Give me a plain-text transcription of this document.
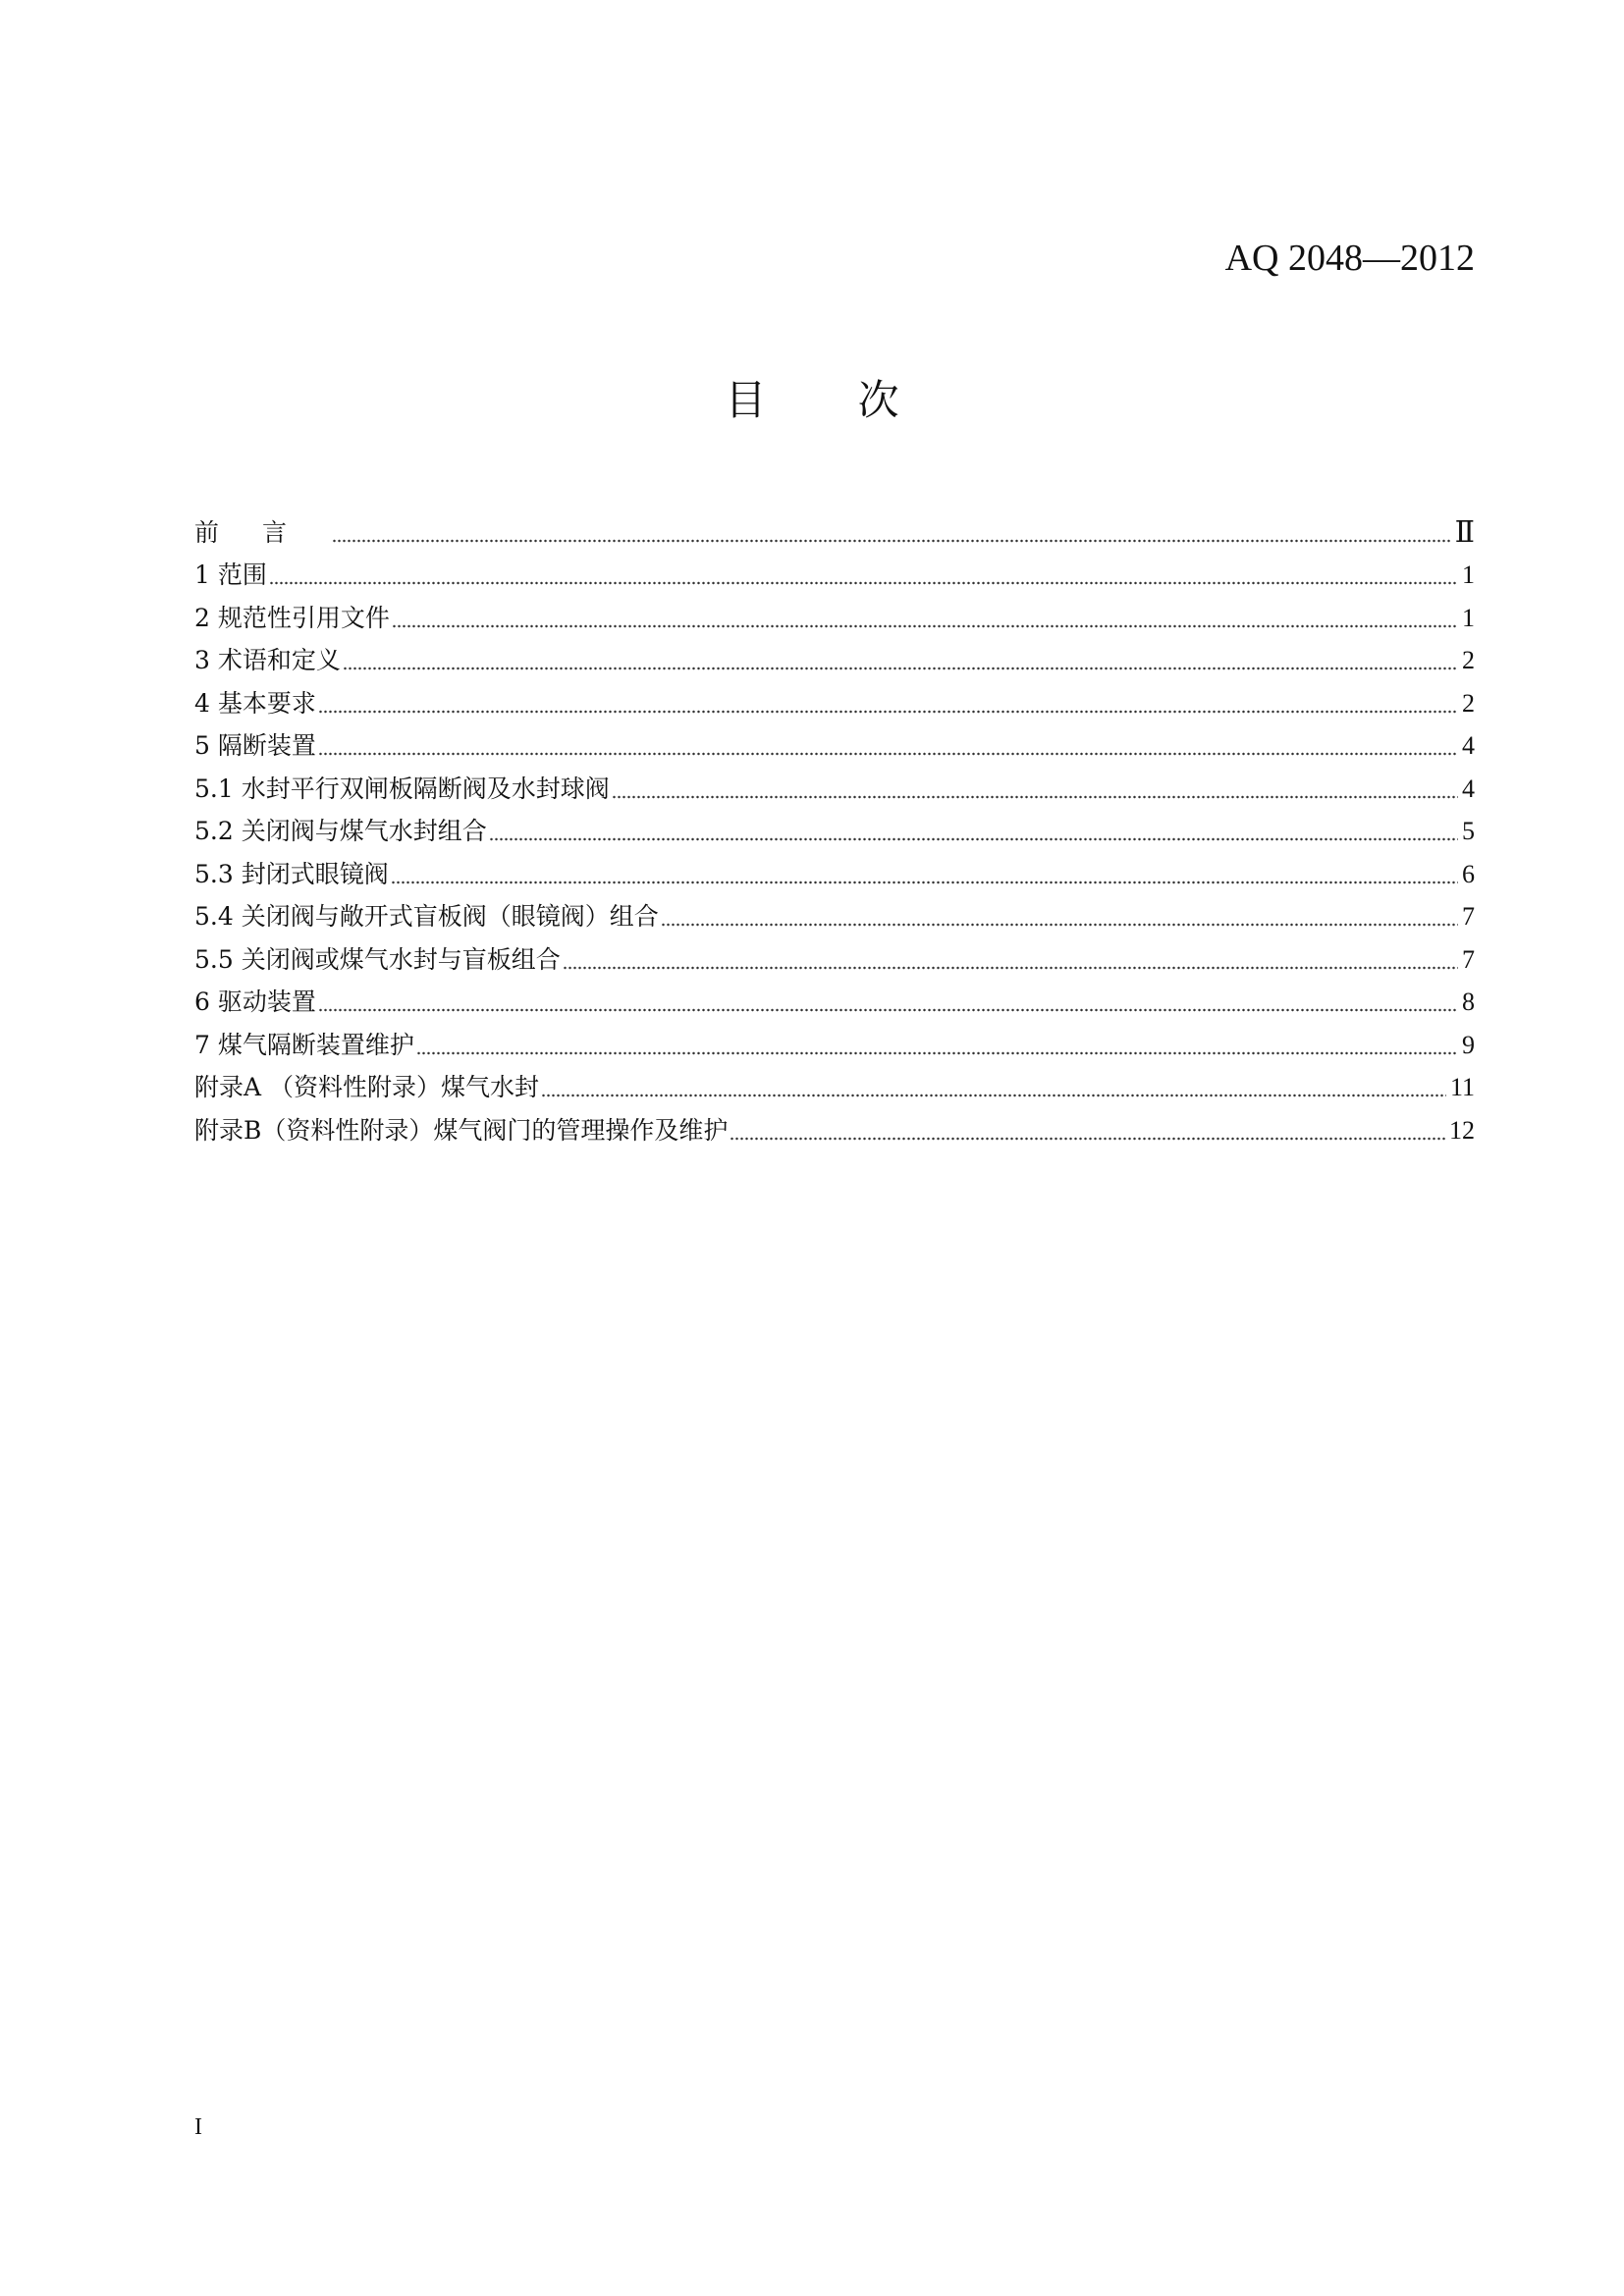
AQ 2048—2012
目 次
前言	Ⅱ
1 范围	1
2 规范性引用文件	1
3 术语和定义	2
4 基本要求	2
5 隔断装置	4
5.1 水封平行双闸板隔断阀及水封球阀	4
5.2 关闭阀与煤气水封组合	5
5.3 封闭式眼镜阀	6
5.4 关闭阀与敞开式盲板阀（眼镜阀）组合	7
5.5 关闭阀或煤气水封与盲板组合	7
6 驱动装置	8
7 煤气隔断装置维护	9
附录A （资料性附录）煤气水封	11
附录B（资料性附录）煤气阀门的管理操作及维护	12
I
